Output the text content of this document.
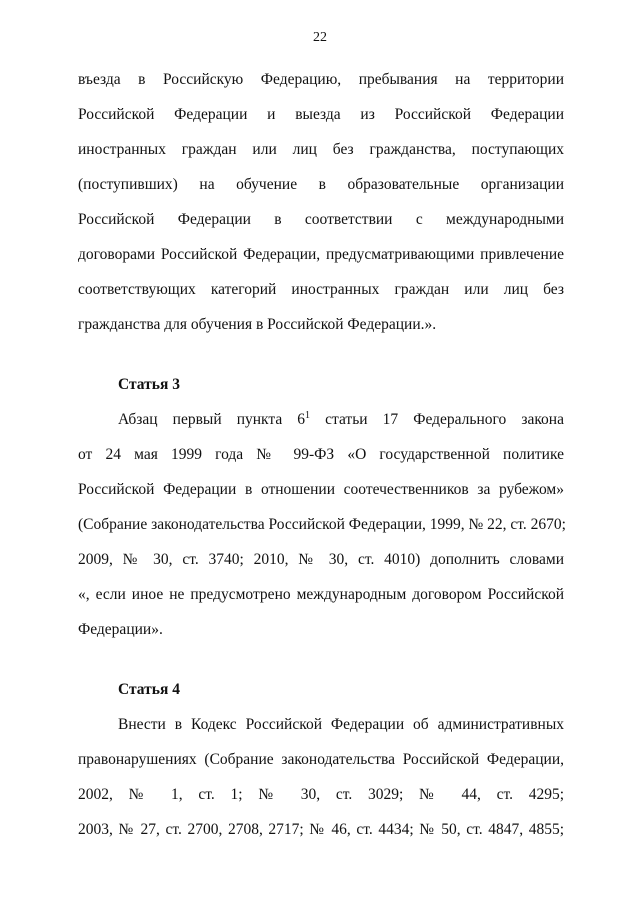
22
въезда в Российскую Федерацию, пребывания на территории
Российской Федерации и выезда из Российской Федерации
иностранных граждан или лиц без гражданства, поступающих
(поступивших) на обучение в образовательные организации
Российской Федерации в соответствии с международными
договорами Российской Федерации, предусматривающими привлечение
соответствующих категорий иностранных граждан или лиц без
гражданства для обучения в Российской Федерации.».
Статья 3
Абзац первый пункта $6^1$ статьи 17 Федерального закона
от 24 мая 1999 года № 99-ФЗ «О государственной политике
Российской Федерации в отношении соотечественников за рубежом»
(Собрание законодательства Российской Федерации, 1999, № 22, ст. 2670;
2009, № 30, ст. 3740; 2010, № 30, ст. 4010) дополнить словами
«, если иное не предусмотрено международным договором Российской
Федерации».
Статья 4
Внести в Кодекс Российской Федерации об административных
правонарушениях (Собрание законодательства Российской Федерации,
2002, № 1, ст. 1; № 30, ст. 3029; № 44, ст. 4295;
2003, № 27, ст. 2700, 2708, 2717; № 46, ст. 4434; № 50, ст. 4847, 4855;
